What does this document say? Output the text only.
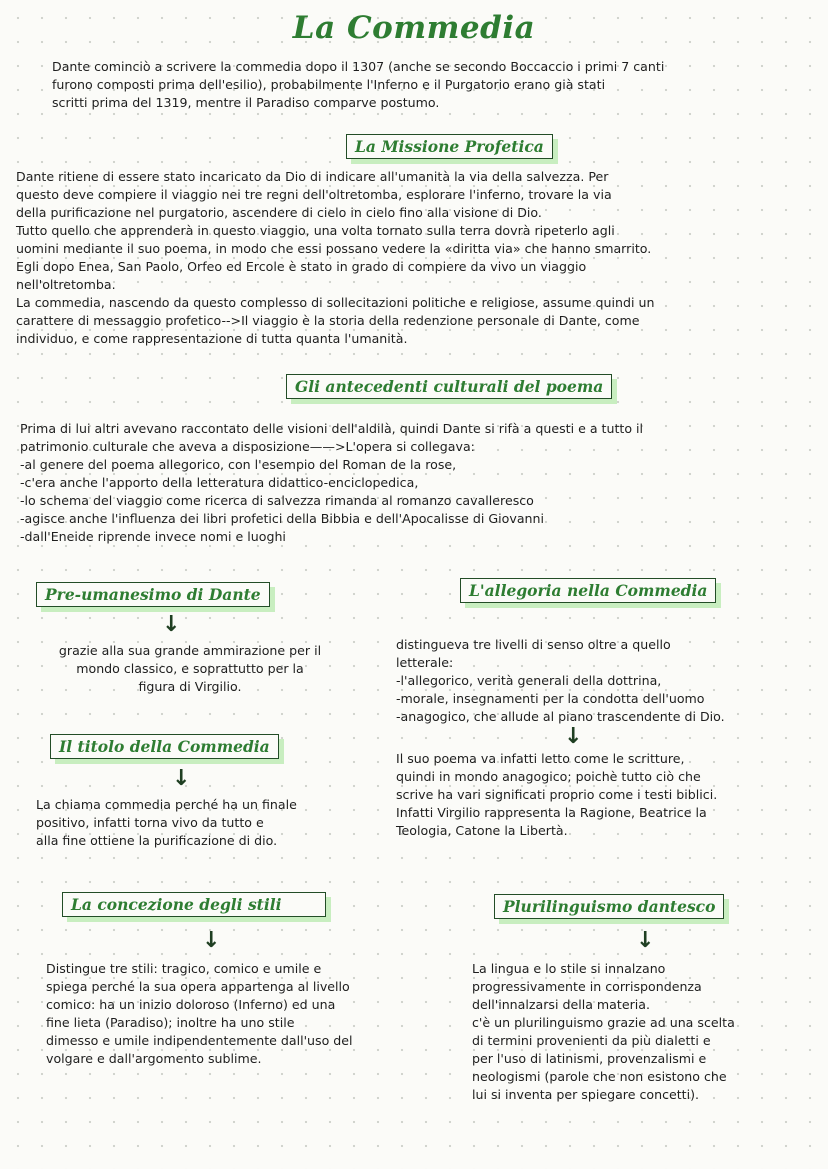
La Commedia
Dante cominciò a scrivere la commedia dopo il 1307 (anche se secondo Boccaccio i primi 7 canti
furono composti prima dell'esilio), probabilmente l'Inferno e il Purgatorio erano già stati
scritti prima del 1319, mentre il Paradiso comparve postumo.
La Missione Profetica
Dante ritiene di essere stato incaricato da Dio di indicare all'umanità la via della salvezza. Per
questo deve compiere il viaggio nei tre regni dell'oltretomba, esplorare l'inferno, trovare la via
della purificazione nel purgatorio, ascendere di cielo in cielo fino alla visione di Dio.
Tutto quello che apprenderà in questo viaggio, una volta tornato sulla terra dovrà ripeterlo agli
uomini mediante il suo poema, in modo che essi possano vedere la «diritta via» che hanno smarrito.
Egli dopo Enea, San Paolo, Orfeo ed Ercole è stato in grado di compiere da vivo un viaggio
nell'oltretomba.
La commedia, nascendo da questo complesso di sollecitazioni politiche e religiose, assume quindi un
carattere di messaggio profetico-->Il viaggio è la storia della redenzione personale di Dante, come
individuo, e come rappresentazione di tutta quanta l'umanità.
Gli antecedenti culturali del poema
Prima di lui altri avevano raccontato delle visioni dell'aldilà, quindi Dante si rifà a questi e a tutto il
patrimonio culturale che aveva a disposizione——>L'opera si collegava:
-al genere del poema allegorico, con l'esempio del Roman de la rose,
-c'era anche l'apporto della letteratura didattico-enciclopedica,
-lo schema del viaggio come ricerca di salvezza rimanda al romanzo cavalleresco
-agisce anche l'influenza dei libri profetici della Bibbia e dell'Apocalisse di Giovanni
-dall'Eneide riprende invece nomi e luoghi
Pre-umanesimo di Dante
↓
grazie alla sua grande ammirazione per il
mondo classico, e soprattutto per la
figura di Virgilio.
L'allegoria nella Commedia
distingueva tre livelli di senso oltre a quello
letterale:
-l'allegorico, verità generali della dottrina,
-morale, insegnamenti per la condotta dell'uomo
-anagogico, che allude al piano trascendente di Dio.
↓
Il suo poema va infatti letto come le scritture,
quindi in mondo anagogico; poichè tutto ciò che
scrive ha vari significati proprio come i testi biblici.
Infatti Virgilio rappresenta la Ragione, Beatrice la
Teologia, Catone la Libertà.
Il titolo della Commedia
↓
La chiama commedia perché ha un finale
positivo, infatti torna vivo da tutto e
alla fine ottiene la purificazione di dio.
La concezione degli stili
↓
Distingue tre stili: tragico, comico e umile e
spiega perché la sua opera appartenga al livello
comico: ha un inizio doloroso (Inferno) ed una
fine lieta (Paradiso); inoltre ha uno stile
dimesso e umile indipendentemente dall'uso del
volgare e dall'argomento sublime.
Plurilinguismo dantesco
↓
La lingua e lo stile si innalzano
progressivamente in corrispondenza
dell'innalzarsi della materia.
c'è un plurilinguismo grazie ad una scelta
di termini provenienti da più dialetti e
per l'uso di latinismi, provenzalismi e
neologismi (parole che non esistono che
lui si inventa per spiegare concetti).
